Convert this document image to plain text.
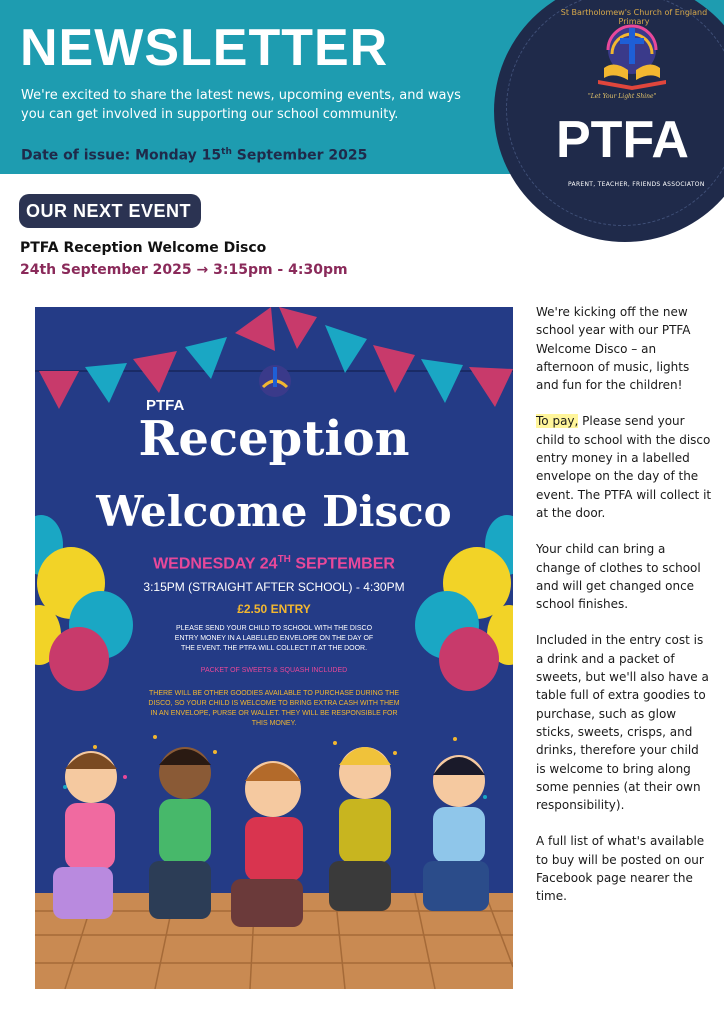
NEWSLETTER
We're excited to share the latest news, upcoming events, and ways you can get involved in supporting our school community.
Date of issue: Monday 15th September 2025
St Bartholomew's Church of England Primary
"Let Your Light Shine"
PTFA
PARENT, TEACHER, FRIENDS ASSOCIATON
OUR NEXT EVENT
PTFA Reception Welcome Disco
24th September 2025 → 3:15pm - 4:30pm
PTFA
Reception
Welcome Disco
WEDNESDAY 24TH SEPTEMBER
3:15PM (STRAIGHT AFTER SCHOOL) - 4:30PM
£2.50 ENTRY
PLEASE SEND YOUR CHILD TO SCHOOL WITH THE DISCO ENTRY MONEY IN A LABELLED ENVELOPE ON THE DAY OF THE EVENT. THE PTFA WILL COLLECT IT AT THE DOOR.
PACKET OF SWEETS & SQUASH INCLUDED
THERE WILL BE OTHER GOODIES AVAILABLE TO PURCHASE DURING THE DISCO, SO YOUR CHILD IS WELCOME TO BRING EXTRA CASH WITH THEM IN AN ENVELOPE, PURSE OR WALLET. THEY WILL BE RESPONSIBLE FOR THIS MONEY.

We're kicking off the new school year with our PTFA Welcome Disco – an afternoon of music, lights and fun for the children!

To pay, Please send your child to school with the disco entry money in a labelled envelope on the day of the event. The PTFA will collect it at the door.

Your child can bring a change of clothes to school and will get changed once school finishes.

Included in the entry cost is a drink and a packet of sweets, but we'll also have a table full of extra goodies to purchase, such as glow sticks, sweets, crisps, and drinks, therefore your child is welcome to bring along some pennies (at their own responsibility).

A full list of what's available to buy will be posted on our Facebook page nearer the time.
